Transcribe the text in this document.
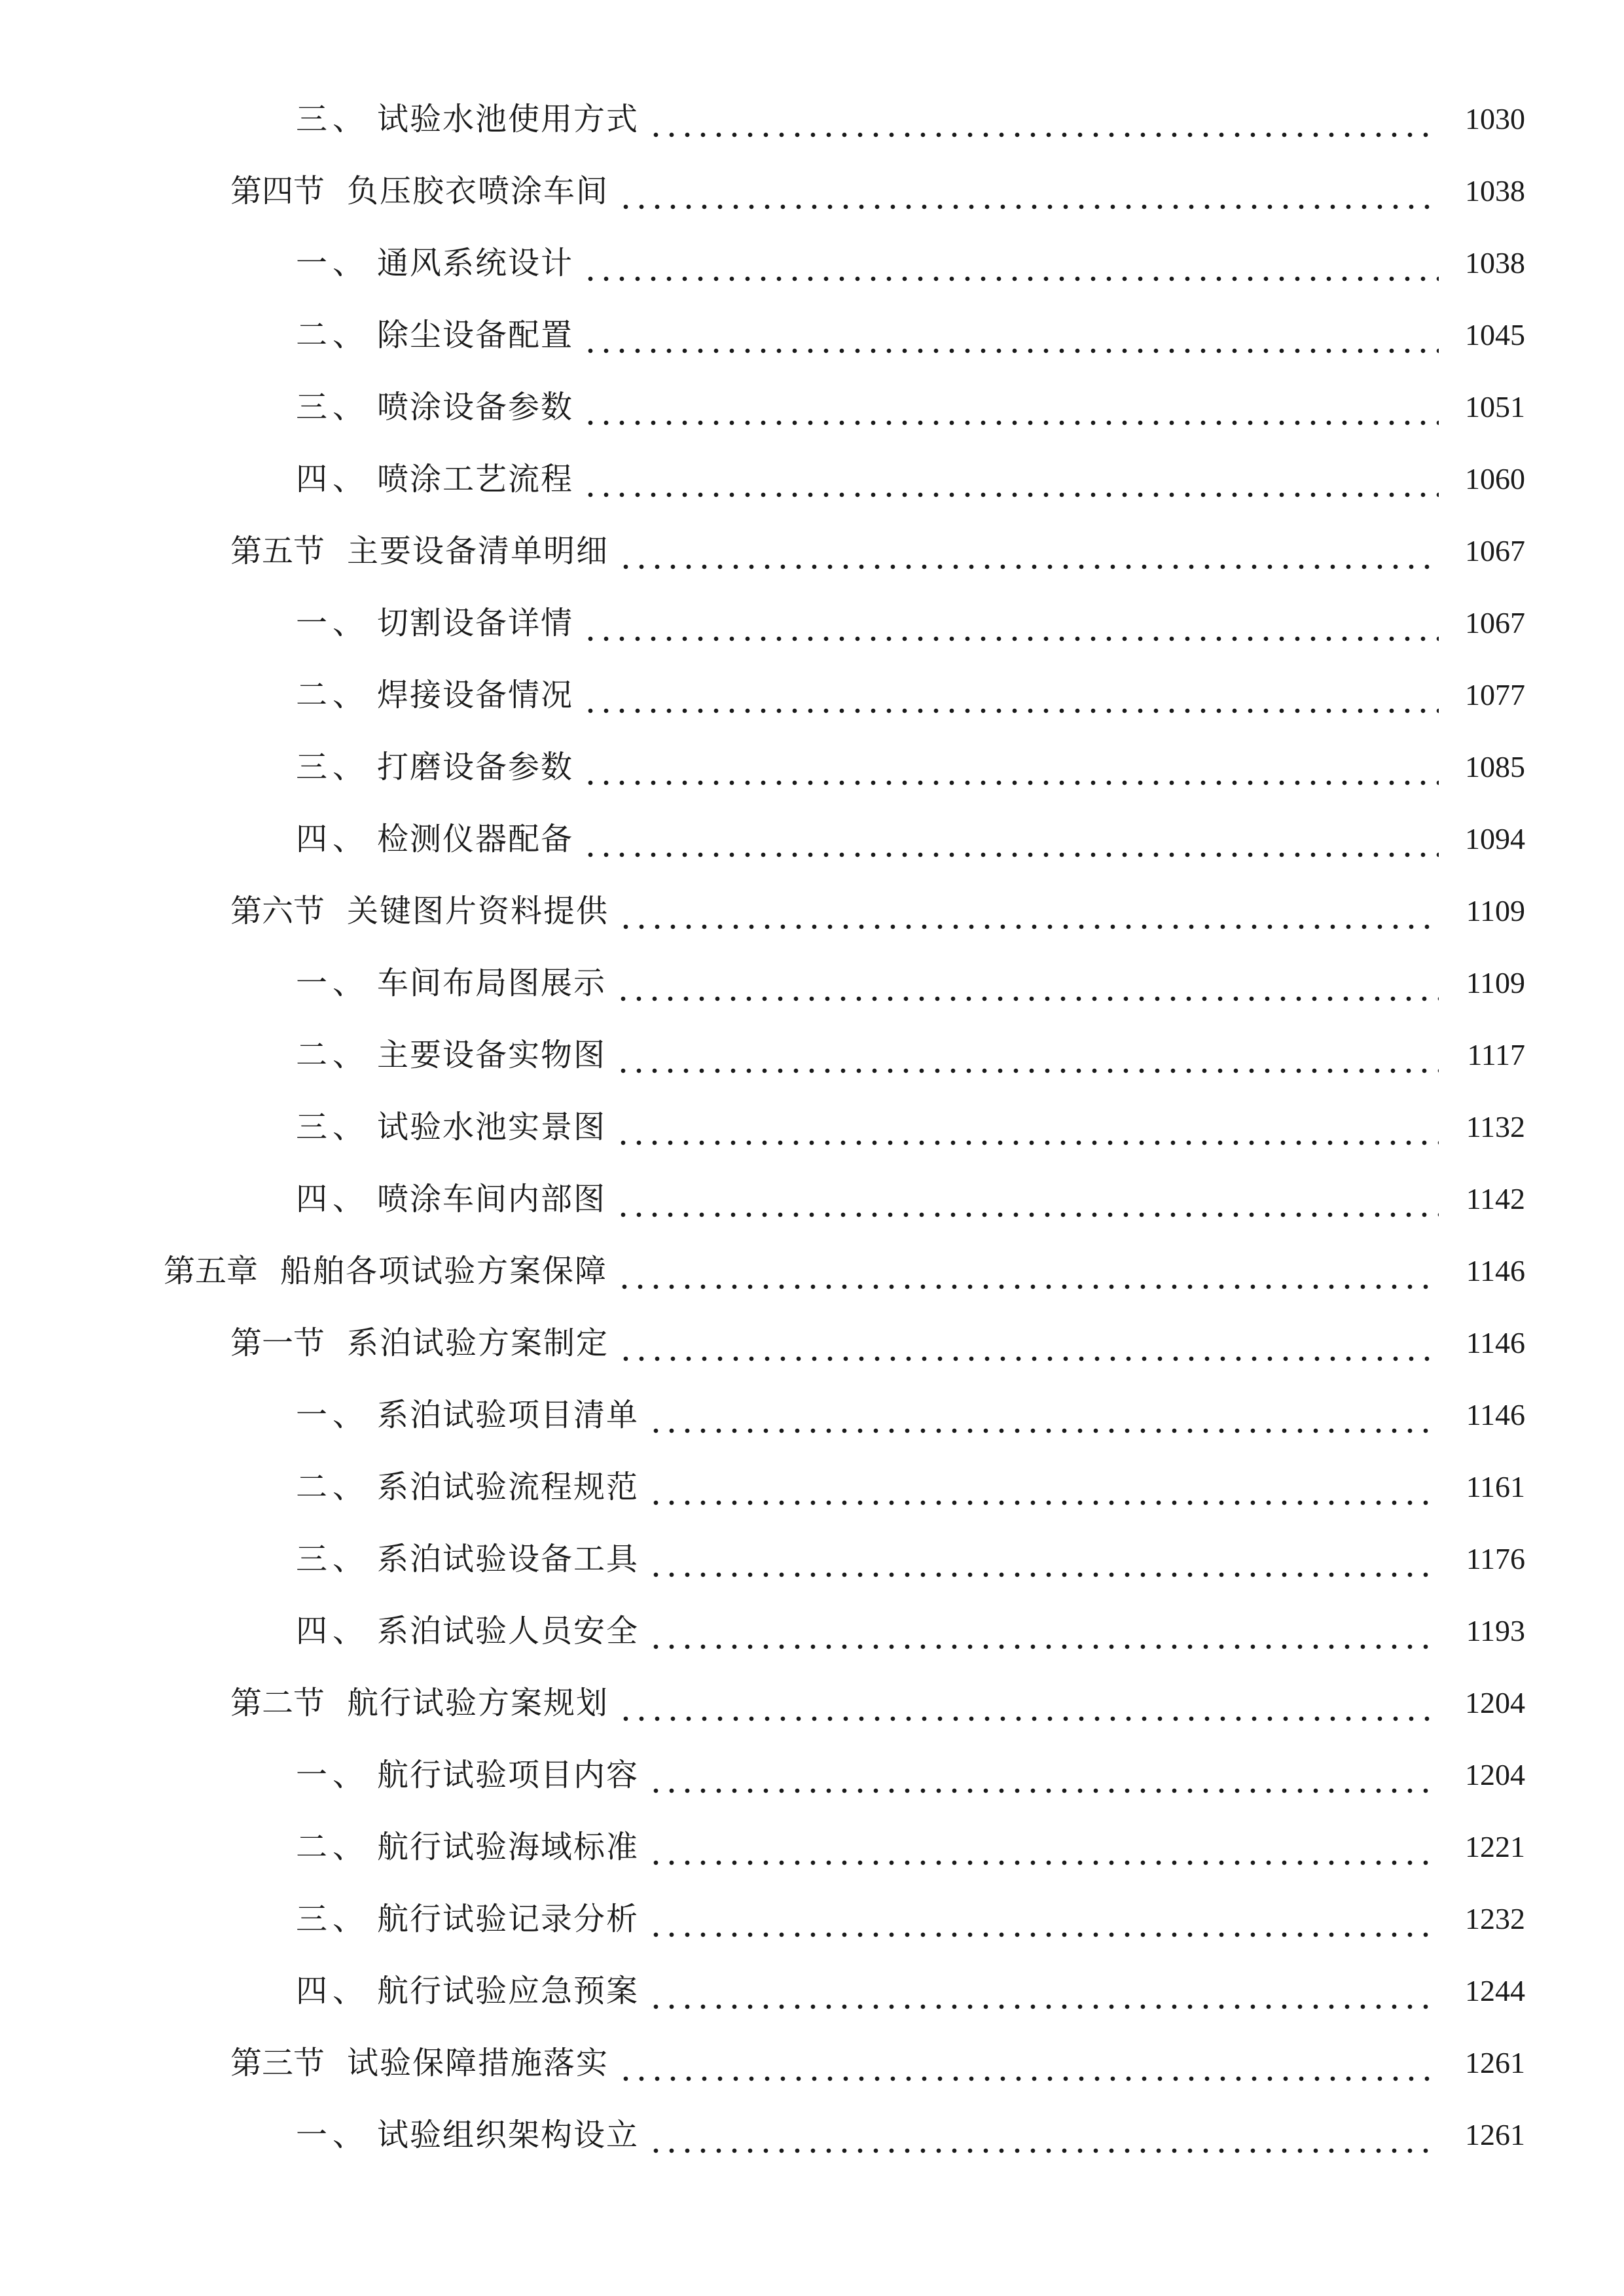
三、 试验水池使用方式	1030
第四节 负压胶衣喷涂车间	1038
一、 通风系统设计	1038
二、 除尘设备配置	1045
三、 喷涂设备参数	1051
四、 喷涂工艺流程	1060
第五节 主要设备清单明细	1067
一、 切割设备详情	1067
二、 焊接设备情况	1077
三、 打磨设备参数	1085
四、 检测仪器配备	1094
第六节 关键图片资料提供	1109
一、 车间布局图展示	1109
二、 主要设备实物图	1117
三、 试验水池实景图	1132
四、 喷涂车间内部图	1142
第五章 船舶各项试验方案保障	1146
第一节 系泊试验方案制定	1146
一、 系泊试验项目清单	1146
二、 系泊试验流程规范	1161
三、 系泊试验设备工具	1176
四、 系泊试验人员安全	1193
第二节 航行试验方案规划	1204
一、 航行试验项目内容	1204
二、 航行试验海域标准	1221
三、 航行试验记录分析	1232
四、 航行试验应急预案	1244
第三节 试验保障措施落实	1261
一、 试验组织架构设立	1261
